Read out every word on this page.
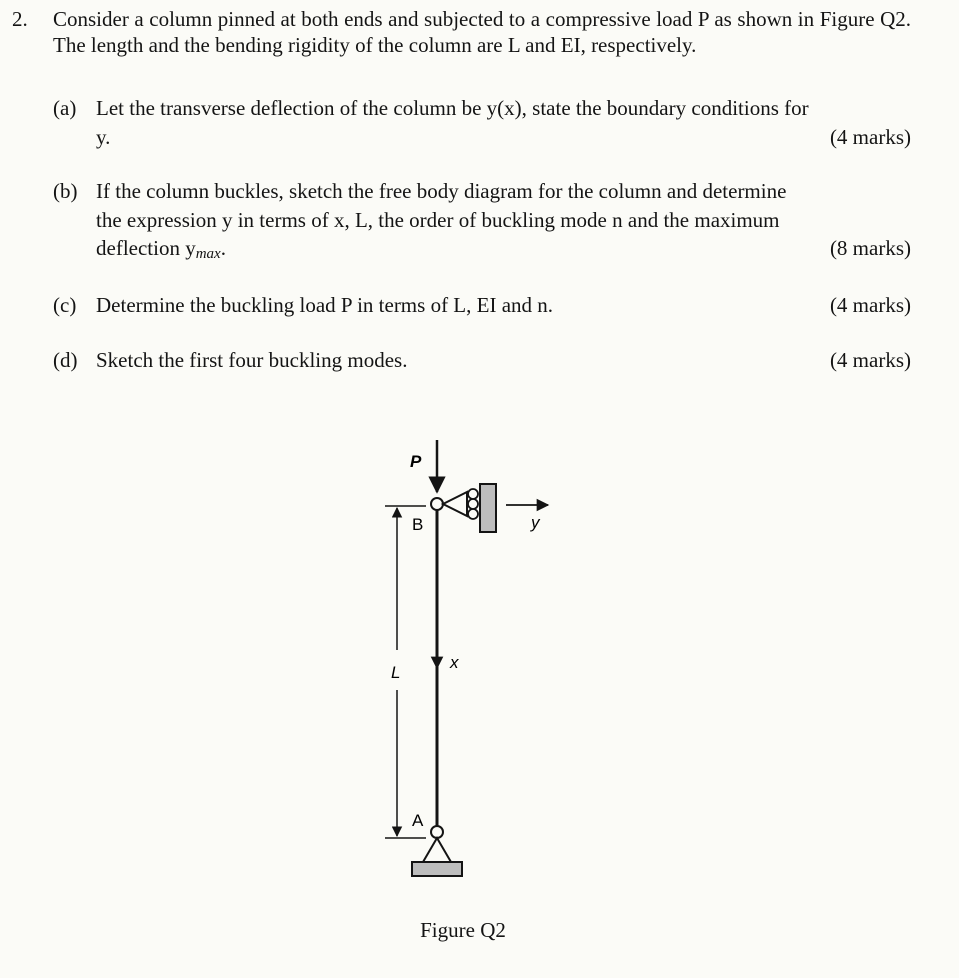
2. Consider a column pinned at both ends and subjected to a compressive load P as shown in Figure Q2. The length and the bending rigidity of the column are L and EI, respectively.
(a) Let the transverse deflection of the column be y(x), state the boundary conditions for
y.	(4 marks)
(b) If the column buckles, sketch the free body diagram for the column and determine
the expression y in terms of x, L, the order of buckling mode n and the maximum
deflection ymax.	(8 marks)
(c) Determine the buckling load P in terms of L, EI and n.	(4 marks)
(d) Sketch the first four buckling modes.	(4 marks)
P
B
A
L
x
y
Figure Q2
